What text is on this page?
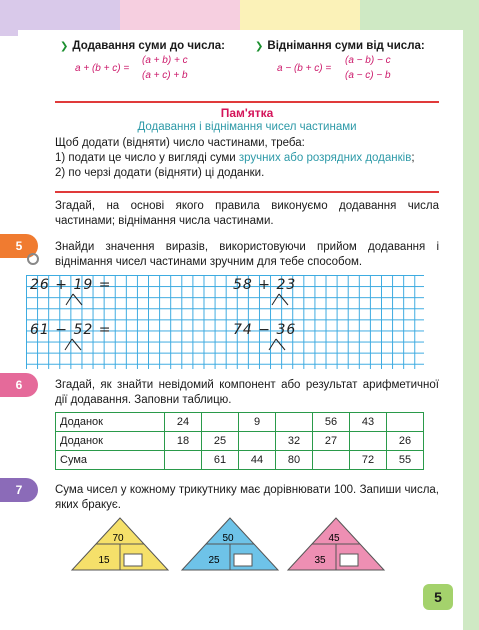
❯ Додавання суми до числа:
a + (b + c) =
(a + b) + c
(a + c) + b
❯ Віднімання суми від числа:
a − (b + c) =
(a − b) − c
(a − c) − b
Пам'ятка
Додавання і віднімання чисел частинами
Щоб додати (відняти) число частинами, треба:
1) подати це число у вигляді суми зручних або розрядних доданків;
2) по черзі додати (відняти) ці доданки.
Згадай, на основі якого правила виконуємо додавання числа частинами; віднімання числа частинами.
5	Знайди значення виразів, використовуючи прийом додавання і віднімання чисел частинами зручним для тебе способом.
26 + 19 =	58 + 23
61 − 52 =	74 − 36
6	Згадай, як знайти невідомий компонент або результат арифметичної дії додавання. Заповни таблицю.
Доданок	24		9		56	43	
Доданок	18	25		32	27		26
Сума		61	44	80		72	55
7	Сума чисел у кожному трикутнику має дорівнювати 100. Запиши числа, яких бракує.
70
15
50
25
45
35
5
